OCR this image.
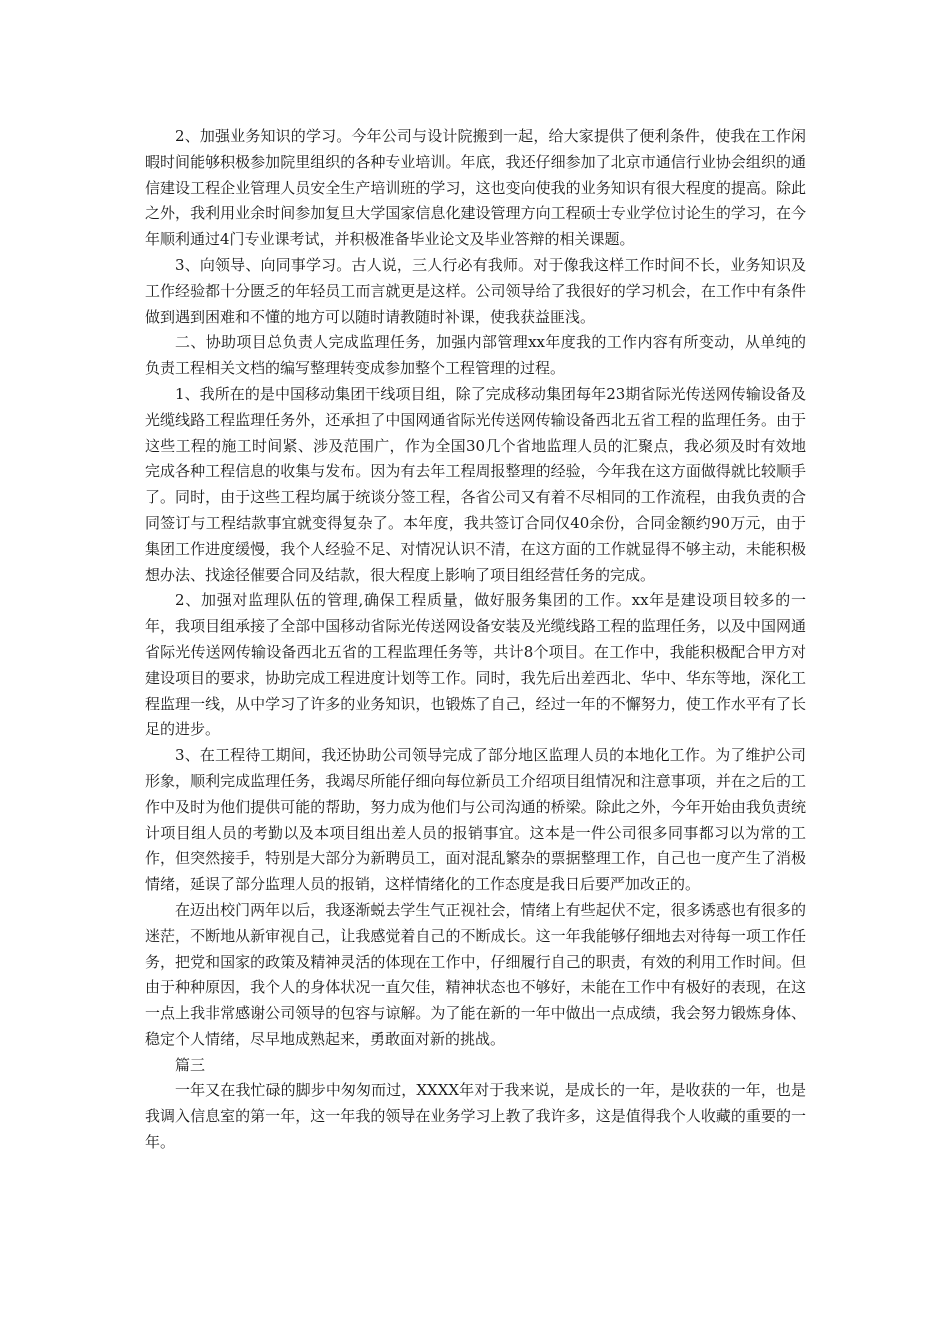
2、加强业务知识的学习。今年公司与设计院搬到一起，给大家提供了便利条件，使我在工作闲暇时间能够积极参加院里组织的各种专业培训。年底，我还仔细参加了北京市通信行业协会组织的通信建设工程企业管理人员安全生产培训班的学习，这也变向使我的业务知识有很大程度的提高。除此之外，我利用业余时间参加复旦大学国家信息化建设管理方向工程硕士专业学位讨论生的学习，在今年顺利通过4门专业课考试，并积极准备毕业论文及毕业答辩的相关课题。

3、向领导、向同事学习。古人说，三人行必有我师。对于像我这样工作时间不长，业务知识及工作经验都十分匮乏的年轻员工而言就更是这样。公司领导给了我很好的学习机会，在工作中有条件做到遇到困难和不懂的地方可以随时请教随时补课，使我获益匪浅。

二、协助项目总负责人完成监理任务，加强内部管理xx年度我的工作内容有所变动，从单纯的负责工程相关文档的编写整理转变成参加整个工程管理的过程。

1、我所在的是中国移动集团干线项目组，除了完成移动集团每年23期省际光传送网传输设备及光缆线路工程监理任务外，还承担了中国网通省际光传送网传输设备西北五省工程的监理任务。由于这些工程的施工时间紧、涉及范围广，作为全国30几个省地监理人员的汇聚点，我必须及时有效地完成各种工程信息的收集与发布。因为有去年工程周报整理的经验，今年我在这方面做得就比较顺手了。同时，由于这些工程均属于统谈分签工程，各省公司又有着不尽相同的工作流程，由我负责的合同签订与工程结款事宜就变得复杂了。本年度，我共签订合同仅40余份，合同金额约90万元，由于集团工作进度缓慢，我个人经验不足、对情况认识不清，在这方面的工作就显得不够主动，未能积极想办法、找途径催要合同及结款，很大程度上影响了项目组经营任务的完成。

2、加强对监理队伍的管理,确保工程质量，做好服务集团的工作。xx年是建设项目较多的一年，我项目组承接了全部中国移动省际光传送网设备安装及光缆线路工程的监理任务，以及中国网通省际光传送网传输设备西北五省的工程监理任务等，共计8个项目。在工作中，我能积极配合甲方对建设项目的要求，协助完成工程进度计划等工作。同时，我先后出差西北、华中、华东等地，深化工程监理一线，从中学习了许多的业务知识，也锻炼了自己，经过一年的不懈努力，使工作水平有了长足的进步。

3、在工程待工期间，我还协助公司领导完成了部分地区监理人员的本地化工作。为了维护公司形象，顺利完成监理任务，我竭尽所能仔细向每位新员工介绍项目组情况和注意事项，并在之后的工作中及时为他们提供可能的帮助，努力成为他们与公司沟通的桥梁。除此之外，今年开始由我负责统计项目组人员的考勤以及本项目组出差人员的报销事宜。这本是一件公司很多同事都习以为常的工作，但突然接手，特别是大部分为新聘员工，面对混乱繁杂的票据整理工作，自己也一度产生了消极情绪，延误了部分监理人员的报销，这样情绪化的工作态度是我日后要严加改正的。

在迈出校门两年以后，我逐渐蜕去学生气正视社会，情绪上有些起伏不定，很多诱惑也有很多的迷茫，不断地从新审视自己，让我感觉着自己的不断成长。这一年我能够仔细地去对待每一项工作任务，把党和国家的政策及精神灵活的体现在工作中，仔细履行自己的职责，有效的利用工作时间。但由于种种原因，我个人的身体状况一直欠佳，精神状态也不够好，未能在工作中有极好的表现，在这一点上我非常感谢公司领导的包容与谅解。为了能在新的一年中做出一点成绩，我会努力锻炼身体、稳定个人情绪，尽早地成熟起来，勇敢面对新的挑战。

篇三

一年又在我忙碌的脚步中匆匆而过，XXXX年对于我来说，是成长的一年，是收获的一年，也是我调入信息室的第一年，这一年我的领导在业务学习上教了我许多，这是值得我个人收藏的重要的一年。
